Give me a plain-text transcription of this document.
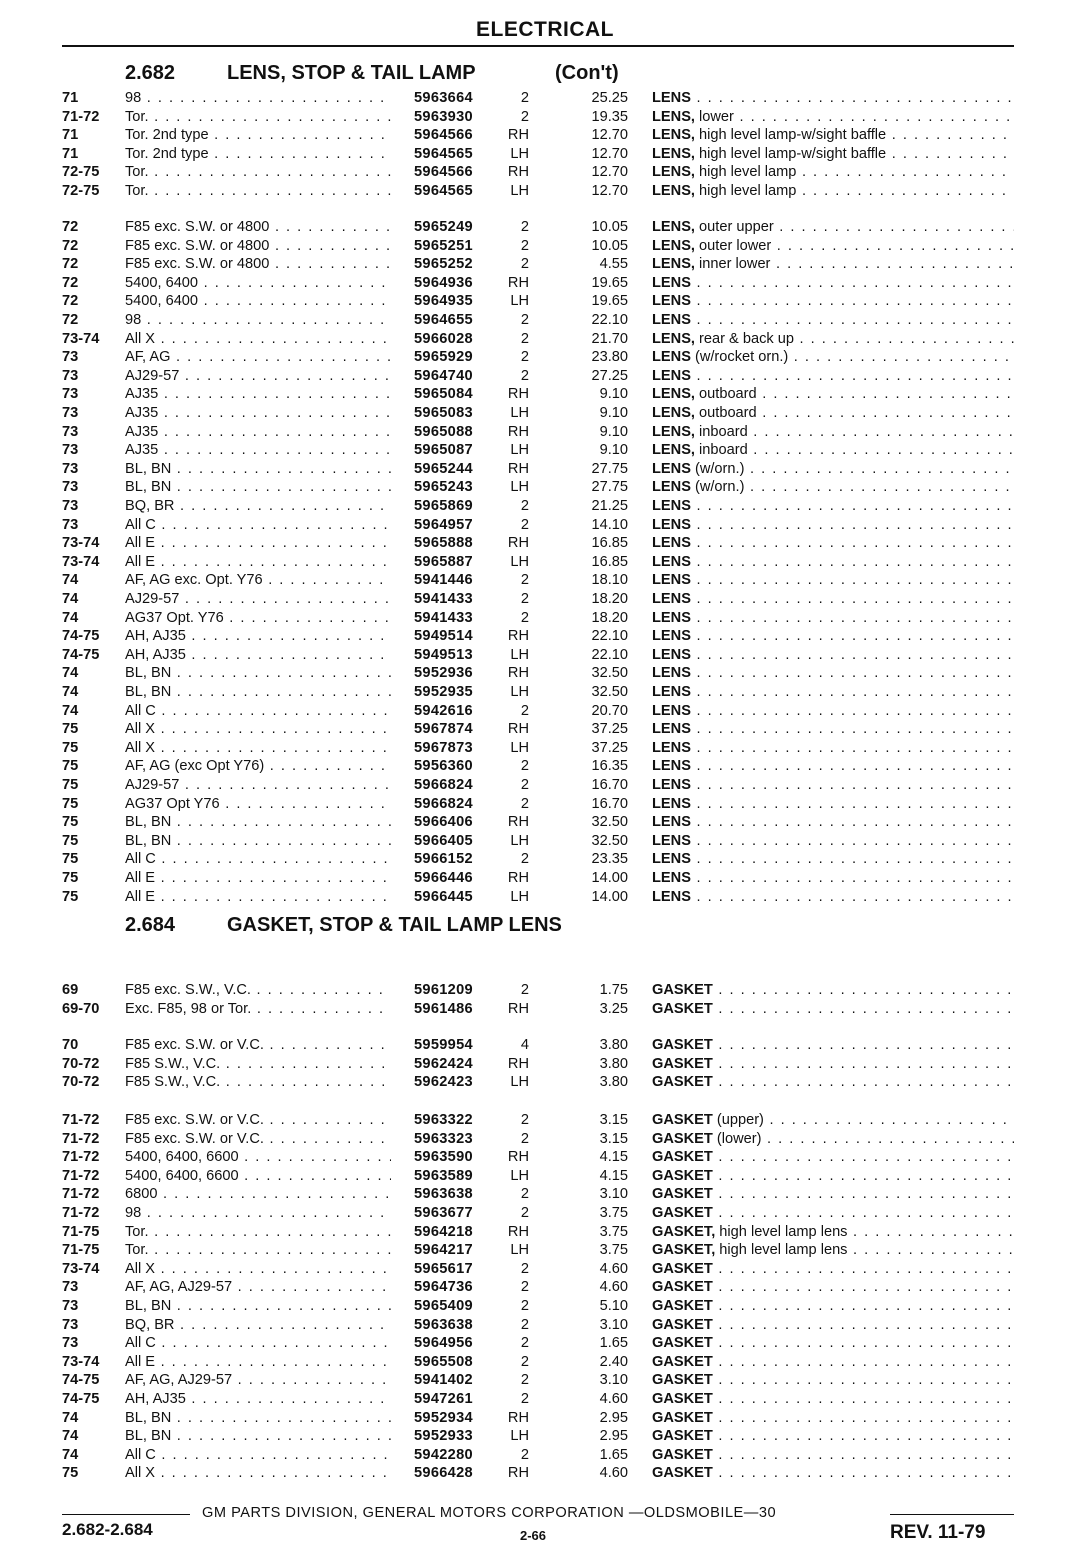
ELECTRICAL
2.682	LENS, STOP & TAIL LAMP	(Con't)
71	98 . . .	5963664	2	25.25 LENS . . .
71-72 Tor. . . .	5963930	2	19.35 LENS, lower . . .
71	Tor. 2nd type . . .	5964566 RH	12.70 LENS, high level lamp-w/sight baffle . . .
71	Tor. 2nd type . . .	5964565	LH	12.70 LENS, high level lamp-w/sight baffle . . .
72-75 Tor. . . .	5964566 RH	12.70 LENS, high level lamp . . .
72-75 Tor. . . .	5964565	LH	12.70 LENS, high level lamp . . .
72	F85 exc. S.W. or 4800 . . .	5965249	2	10.05 LENS, outer upper . . .
72	F85 exc. S.W. or 4800 . . .	5965251	2	10.05 LENS, outer lower . . .
72	F85 exc. S.W. or 4800 . . .	5965252	2	4.55 LENS, inner lower . . .
72	5400, 6400 . . .	5964936 RH	19.65 LENS . . .
72	5400, 6400 . . .	5964935	LH	19.65 LENS . . .
72	98 . . .	5964655	2	22.10 LENS . . .
73-74 All X . . .	5966028	2	21.70 LENS, rear & back up . . .
73	AF, AG . . .	5965929	2	23.80 LENS (w/rocket orn.) . . .
73	AJ29-57 . . .	5964740	2	27.25 LENS . . .
73	AJ35 . . .	5965084 RH	9.10 LENS, outboard . . .
73	AJ35 . . .	5965083	LH	9.10 LENS, outboard . . .
73	AJ35 . . .	5965088 RH	9.10 LENS, inboard . . .
73	AJ35 . . .	5965087	LH	9.10 LENS, inboard . . .
73	BL, BN . . .	5965244 RH	27.75 LENS (w/orn.) . . .
73	BL, BN . . .	5965243	LH	27.75 LENS (w/orn.) . . .
73	BQ, BR . . .	5965869	2	21.25 LENS . . .
73	All C . . .	5964957	2	14.10 LENS . . .
73-74 All E . . .	5965888 RH	16.85 LENS . . .
73-74 All E . . .	5965887	LH	16.85 LENS . . .
74	AF, AG exc. Opt. Y76 . . .	5941446	2	18.10 LENS . . .
74	AJ29-57 . . .	5941433	2	18.20 LENS . . .
74	AG37 Opt. Y76 . . .	5941433	2	18.20 LENS . . .
74-75 AH, AJ35 . . .	5949514 RH	22.10 LENS . . .
74-75 AH, AJ35 . . .	5949513	LH	22.10 LENS . . .
74	BL, BN . . .	5952936 RH	32.50 LENS . . .
74	BL, BN . . .	5952935	LH	32.50 LENS . . .
74	All C . . .	5942616	2	20.70 LENS . . .
75	All X . . .	5967874 RH	37.25 LENS . . .
75	All X . . .	5967873	LH	37.25 LENS . . .
75	AF, AG (exc Opt Y76) . . .	5956360	2	16.35 LENS . . .
75	AJ29-57 . . .	5966824	2	16.70 LENS . . .
75	AG37 Opt Y76 . . .	5966824	2	16.70 LENS . . .
75	BL, BN . . .	5966406 RH	32.50 LENS . . .
75	BL, BN . . .	5966405	LH	32.50 LENS . . .
75	All C . . .	5966152	2	23.35 LENS . . .
75	All E . . .	5966446 RH	14.00 LENS . . .
75	All E . . .	5966445	LH	14.00 LENS . . .
2.684	GASKET, STOP & TAIL LAMP LENS
69	F85 exc. S.W., V.C. . . .	5961209	2	1.75 GASKET . . .
69-70 Exc. F85, 98 or Tor. . . .	5961486 RH	3.25 GASKET . . .
70	F85 exc. S.W. or V.C. . . .	5959954	4	3.80 GASKET . . .
70-72 F85 S.W., V.C. . . .	5962424 RH	3.80 GASKET . . .
70-72 F85 S.W., V.C. . . .	5962423	LH	3.80 GASKET . . .
71-72 F85 exc. S.W. or V.C. . . .	5963322	2	3.15 GASKET (upper) . . .
71-72 F85 exc. S.W. or V.C. . . .	5963323	2	3.15 GASKET (lower) . . .
71-72 5400, 6400, 6600 . . .	5963590 RH	4.15 GASKET . . .
71-72 5400, 6400, 6600 . . .	5963589	LH	4.15 GASKET . . .
71-72 6800 . . .	5963638	2	3.10 GASKET . . .
71-72 98 . . .	5963677	2	3.75 GASKET . . .
71-75 Tor. . . .	5964218 RH	3.75 GASKET, high level lamp lens . . .
71-75 Tor. . . .	5964217	LH	3.75 GASKET, high level lamp lens . . .
73-74 All X . . .	5965617	2	4.60 GASKET . . .
73	AF, AG, AJ29-57 . . .	5964736	2	4.60 GASKET . . .
73	BL, BN . . .	5965409	2	5.10 GASKET . . .
73	BQ, BR . . .	5963638	2	3.10 GASKET . . .
73	All C . . .	5964956	2	1.65 GASKET . . .
73-74 All E . . .	5965508	2	2.40 GASKET . . .
74-75 AF, AG, AJ29-57 . . .	5941402	2	3.10 GASKET . . .
74-75 AH, AJ35 . . .	5947261	2	4.60 GASKET . . .
74	BL, BN . . .	5952934 RH	2.95 GASKET . . .
74	BL, BN . . .	5952933	LH	2.95 GASKET . . .
74	All C . . .	5942280	2	1.65 GASKET . . .
75	All X . . .	5966428 RH	4.60 GASKET . . .
GM PARTS DIVISION, GENERAL MOTORS CORPORATION —OLDSMOBILE—30
2.682-2.684	2-66	REV. 11-79
